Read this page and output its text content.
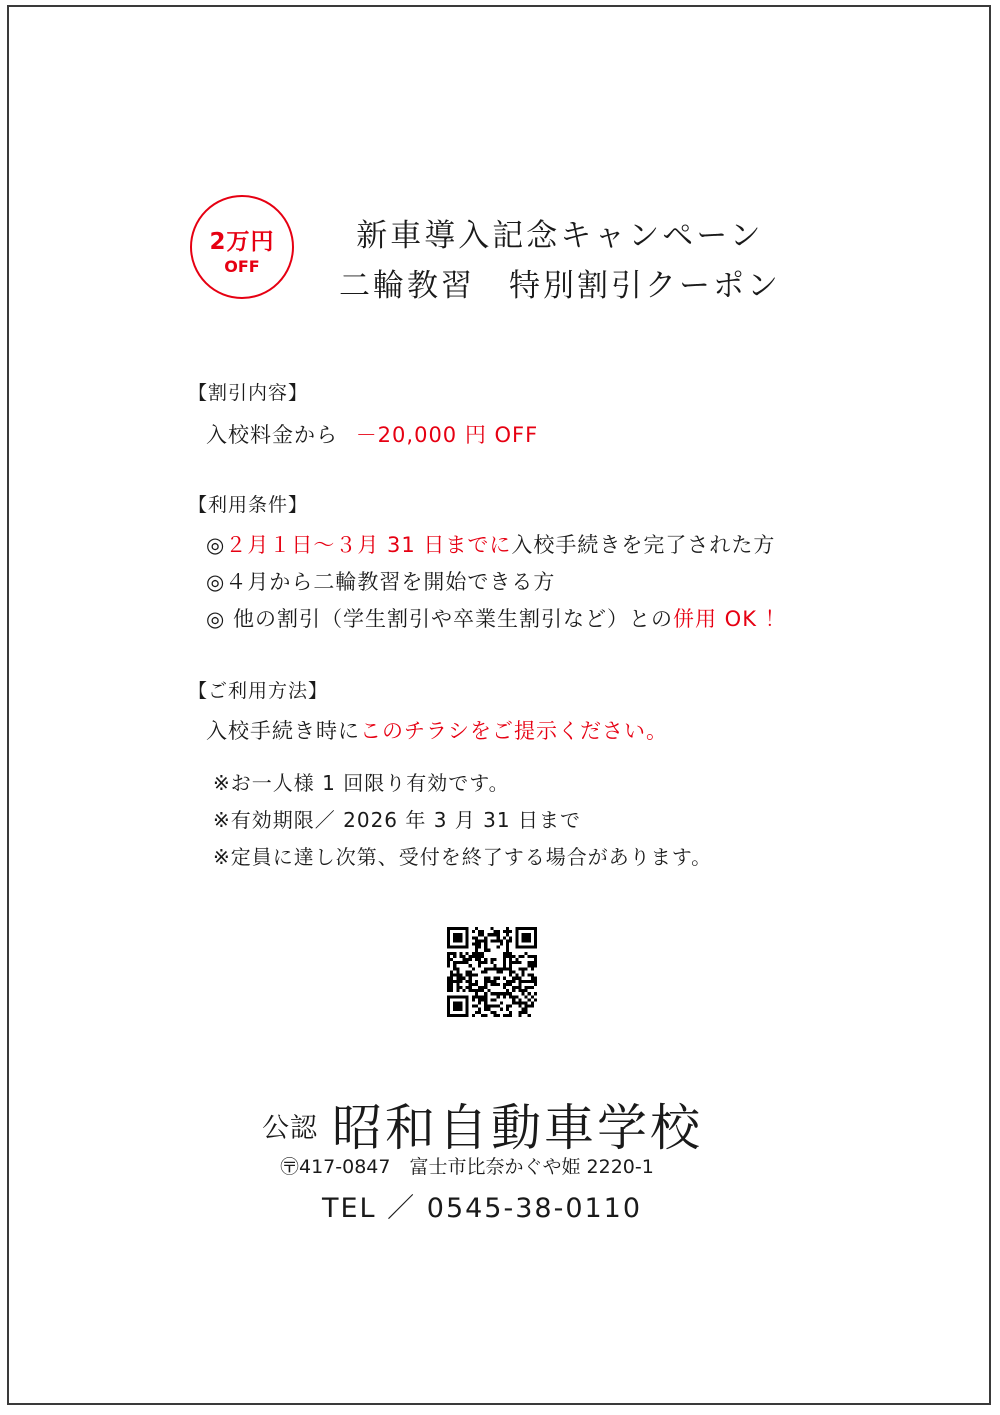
2万円
OFF
新車導入記念キャンペーン
二輪教習　特別割引クーポン
【割引内容】
入校料金から －20,000 円 OFF
【利用条件】
◎２月１日～３月 31 日までに入校手続きを完了された方
◎４月から二輪教習を開始できる方
◎ 他の割引（学生割引や卒業生割引など）との併用 OK ！
【ご利用方法】
入校手続き時にこのチラシをご提示ください。
※お一人様 1 回限り有効です。
※有効期限／ 2026 年 3 月 31 日まで
※定員に達し次第、受付を終了する場合があります。
公認 昭和自動車学校
〶417-0847　富士市比奈かぐや姫 2220-1
TEL ／ 0545-38-0110
